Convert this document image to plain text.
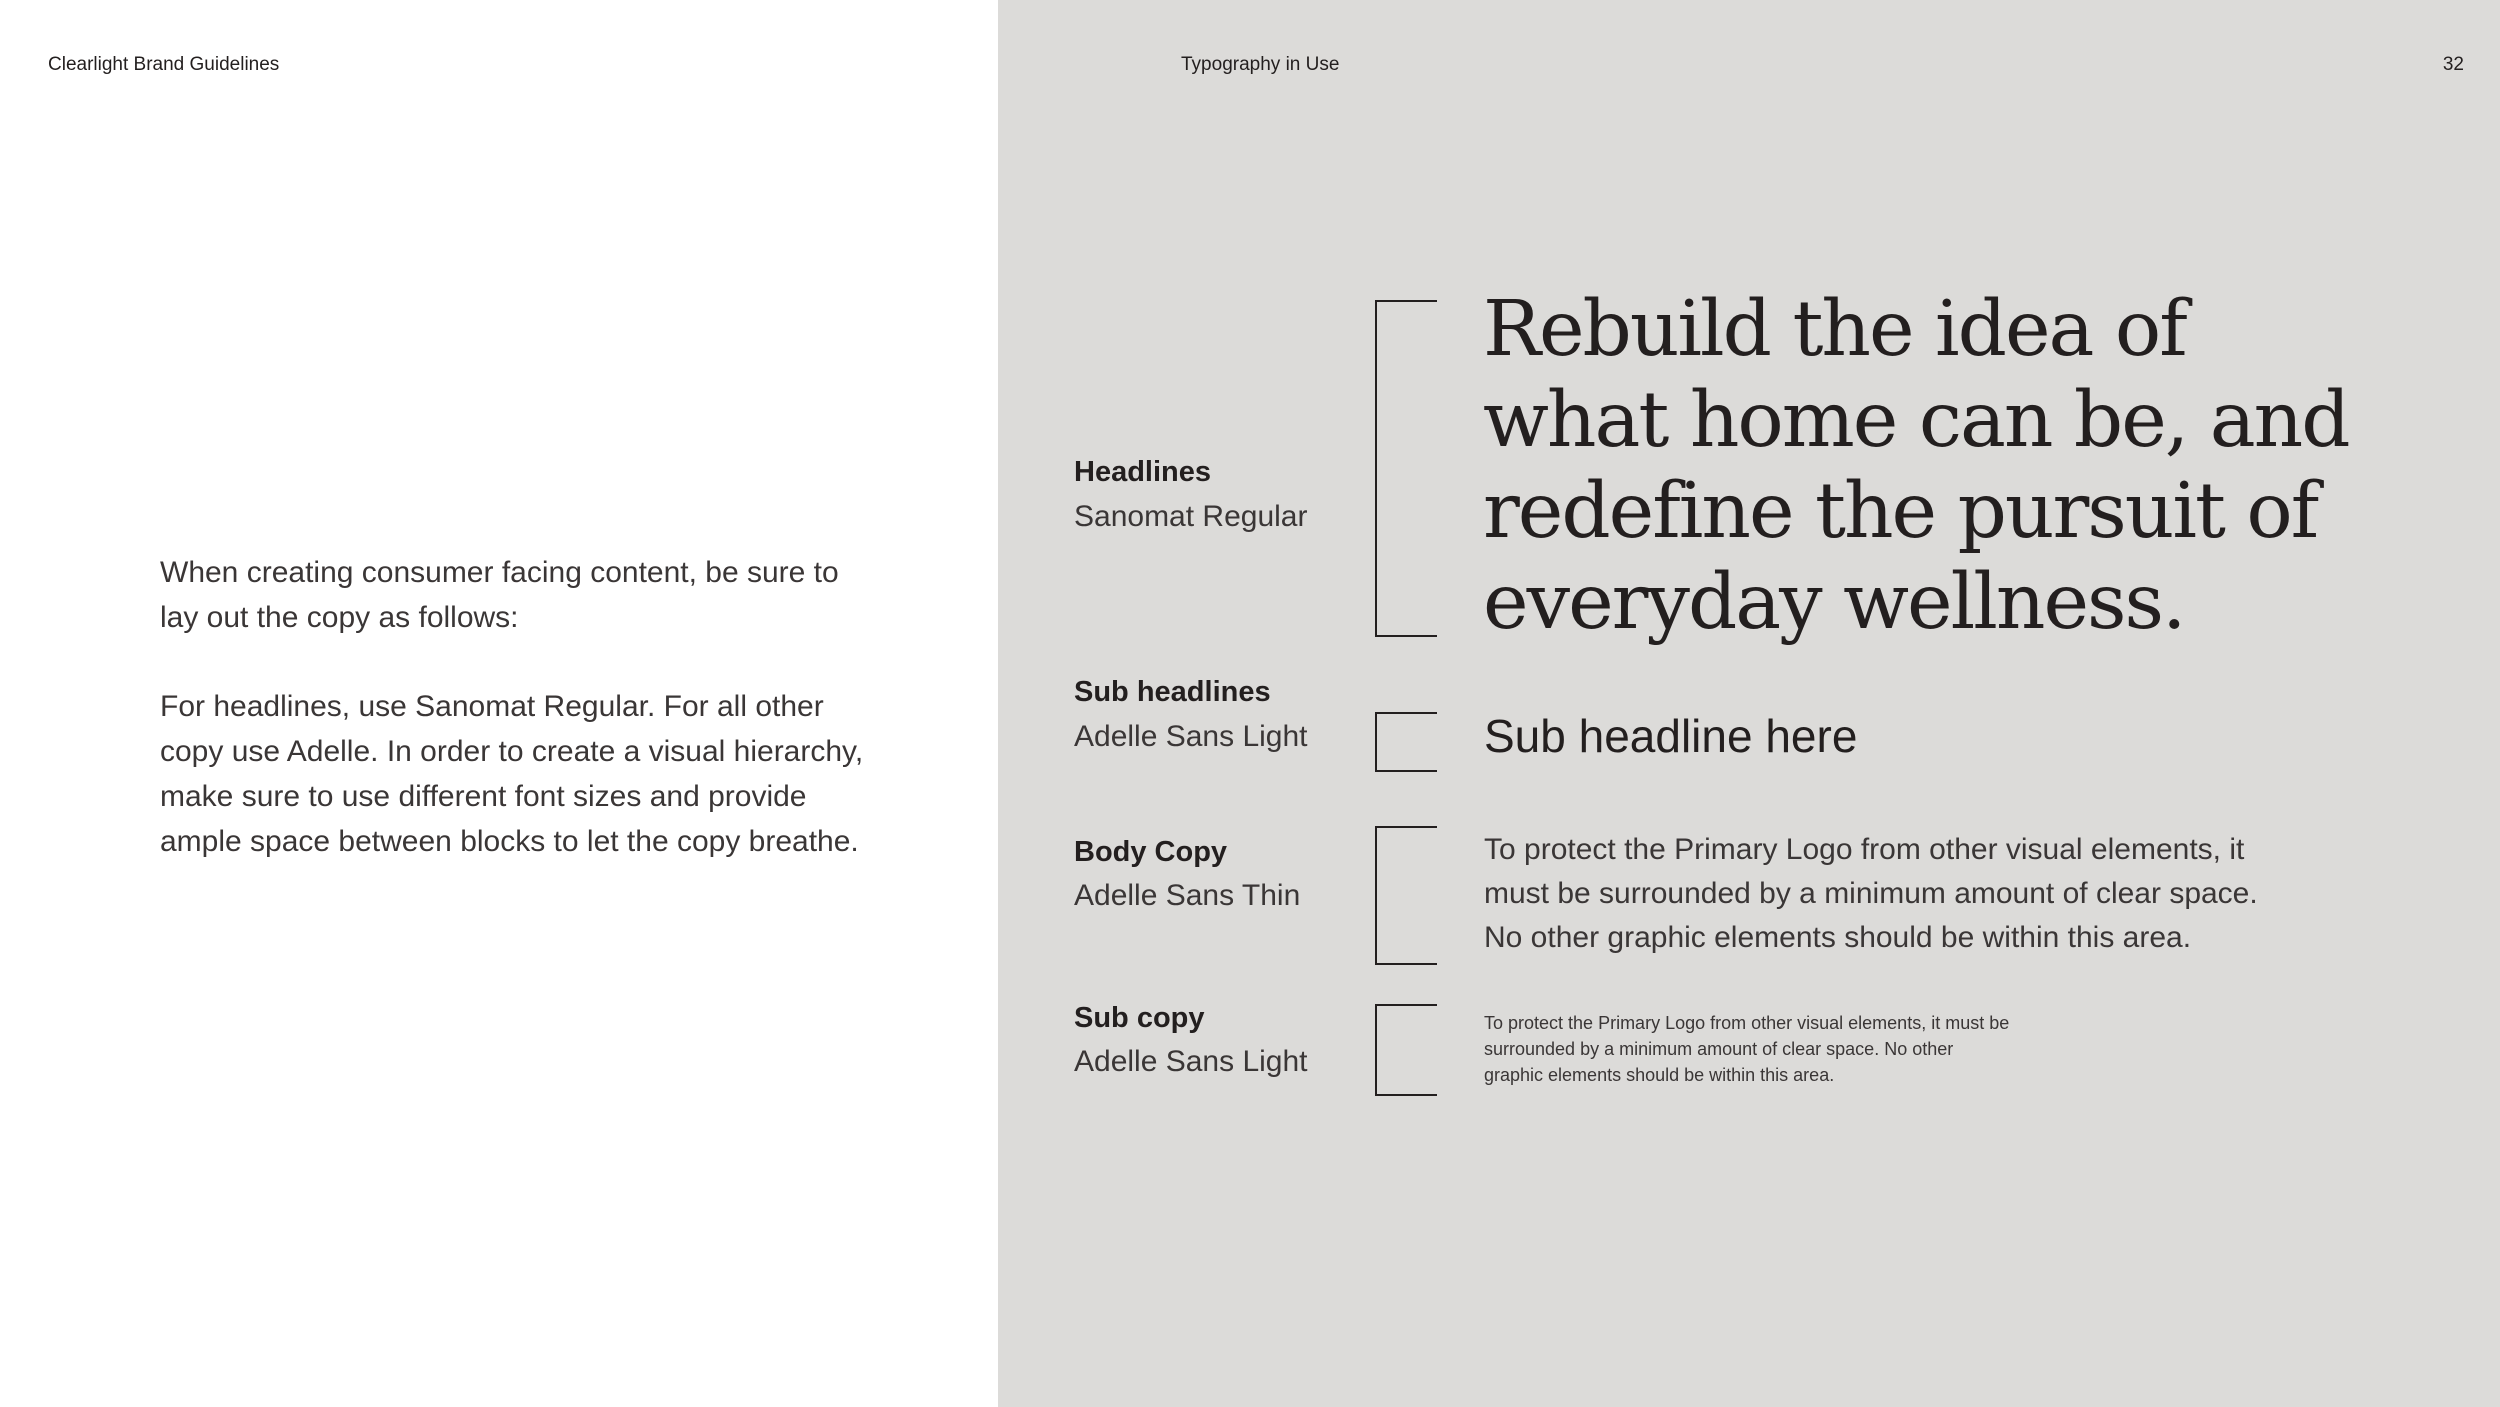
Clearlight Brand Guidelines	Typography in Use	32

When creating consumer facing content, be sure to lay out the copy as follows:

For headlines, use Sanomat Regular. For all other copy use Adelle. In order to create a visual hierarchy, make sure to use different font sizes and provide ample space between blocks to let the copy breathe.

Headlines
Sanomat Regular
Rebuild the idea of what home can be, and redefine the pursuit of everyday wellness.
Sub headlines
Adelle Sans Light	Sub headline here
Body Copy
Adelle Sans Thin

To protect the Primary Logo from other visual elements, it must be surrounded by a minimum amount of clear space. No other graphic elements should be within this area.

Sub copy
Adelle Sans Light

To protect the Primary Logo from other visual elements, it must be surrounded by a minimum amount of clear space. No other graphic elements should be within this area.
